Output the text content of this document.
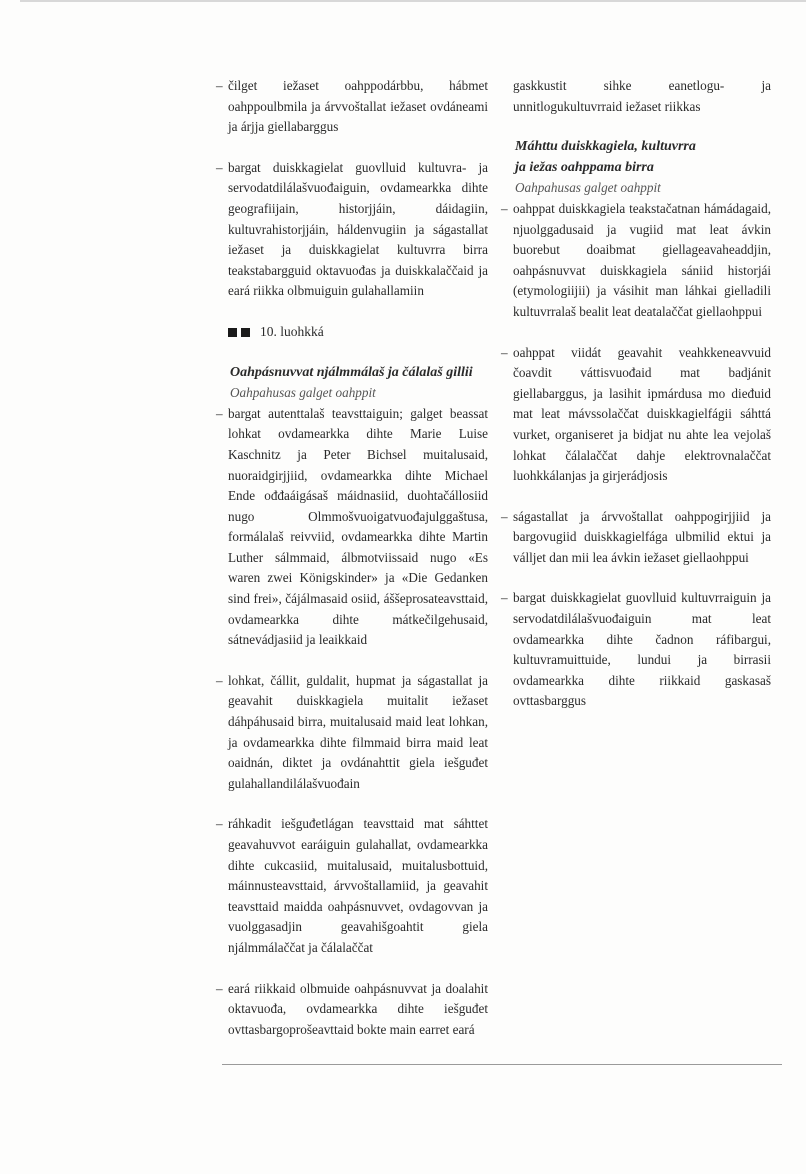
– čilget iežaset oahppodárbbu, hábmet oahppoulbmila ja árvvoštallat iežaset ovdáneami ja árjja giellabarggus

– bargat duiskkagielat guovlluid kultuvra- ja servodatdilálašvuođaiguin, ovdamearkka dihte geografiijain, historjjáin, dáidagiin, kultuvrahistorjjáin, háldenvugiin ja ságastallat iežaset ja duiskkagielat kultuvrra birra teakstabargguid oktavuođas ja duiskkalaččaid ja eará riikka olbmuiguin gulahallamiin

10. luohkká

Oahpásnuvvat njálmmálaš ja čálalaš gillii

Oahpahusas galget oahppit

– bargat autenttalaš teavsttaiguin; galget beassat lohkat ovdamearkka dihte Marie Luise Kaschnitz ja Peter Bichsel muitalusaid, nuoraidgirjjiid, ovdamearkka dihte Michael Ende ođđaáigásaš máidnasiid, duohtačállosiid nugo Olmmošvuoigatvuođajulggaštusa, formálalaš reivviid, ovdamearkka dihte Martin Luther sálmmaid, álbmotviissaid nugo «Es waren zwei Königskinder» ja «Die Gedanken sind frei», čájálmasaid osiid, áššeprosateavsttaid, ovdamearkka dihte mátkečilgehusaid, sátnevádjasiid ja leaikkaid

– lohkat, čállit, guldalit, hupmat ja ságastallat ja geavahit duiskkagiela muitalit iežaset dáhpáhusaid birra, muitalusaid maid leat lohkan, ja ovdamearkka dihte filmmaid birra maid leat oaidnán, diktet ja ovdánahttit giela iešguđet gulahallandilálašvuođain

– ráhkadit iešguđetlágan teavsttaid mat sáhttet geavahuvvot earáiguin gulahallat, ovdamearkka dihte cukcasiid, muitalusaid, muitalusbottuid, máinnusteavsttaid, árvvoštallamiid, ja geavahit teavsttaid maidda oahpásnuvvet, ovdagovvan ja vuolggasadjin geavahišgoahtit giela njálmmálaččat ja čálalaččat

– eará riikkaid olbmuide oahpásnuvvat ja doalahit oktavuođa, ovdamearkka dihte iešguđet ovttasbargoprošeavttaid bokte main earret eará

gaskkustit sihke eanetlogu- ja unnitlogukultuvrraid iežaset riikkas

Máhttu duiskkagiela, kultuvrra

ja iežas oahppama birra

Oahpahusas galget oahppit

– oahppat duiskkagiela teakstačatnan hámádagaid, njuolggadusaid ja vugiid mat leat ávkin buorebut doaibmat giellageavaheaddjin, oahpásnuvvat duiskkagiela sániid historjái (etymologiijii) ja vásihit man láhkai gielladili kultuvrralaš bealit leat deatalaččat giellaohppui

– oahppat viidát geavahit veahkkeneavvuid čoavdit váttisvuođaid mat badjánit giellabarggus, ja lasihit ipmárdusa mo dieđuid mat leat mávssolaččat duiskkagielfágii sáhttá vurket, organiseret ja bidjat nu ahte lea vejolaš lohkat čálalaččat dahje elektrovnalaččat luohkkálanjas ja girjerádjosis

– ságastallat ja árvvoštallat oahppogirjjiid ja bargovugiid duiskkagielfága ulbmilid ektui ja válljet dan mii lea ávkin iežaset giellaohppui

– bargat duiskkagielat guovlluid kultuvrraiguin ja servodatdilálašvuođaiguin mat leat ovdamearkka dihte čadnon ráfibargui, kultuvramuittuide, lundui ja birrasii ovdamearkka dihte riikkaid gaskasaš ovttasbarggus
